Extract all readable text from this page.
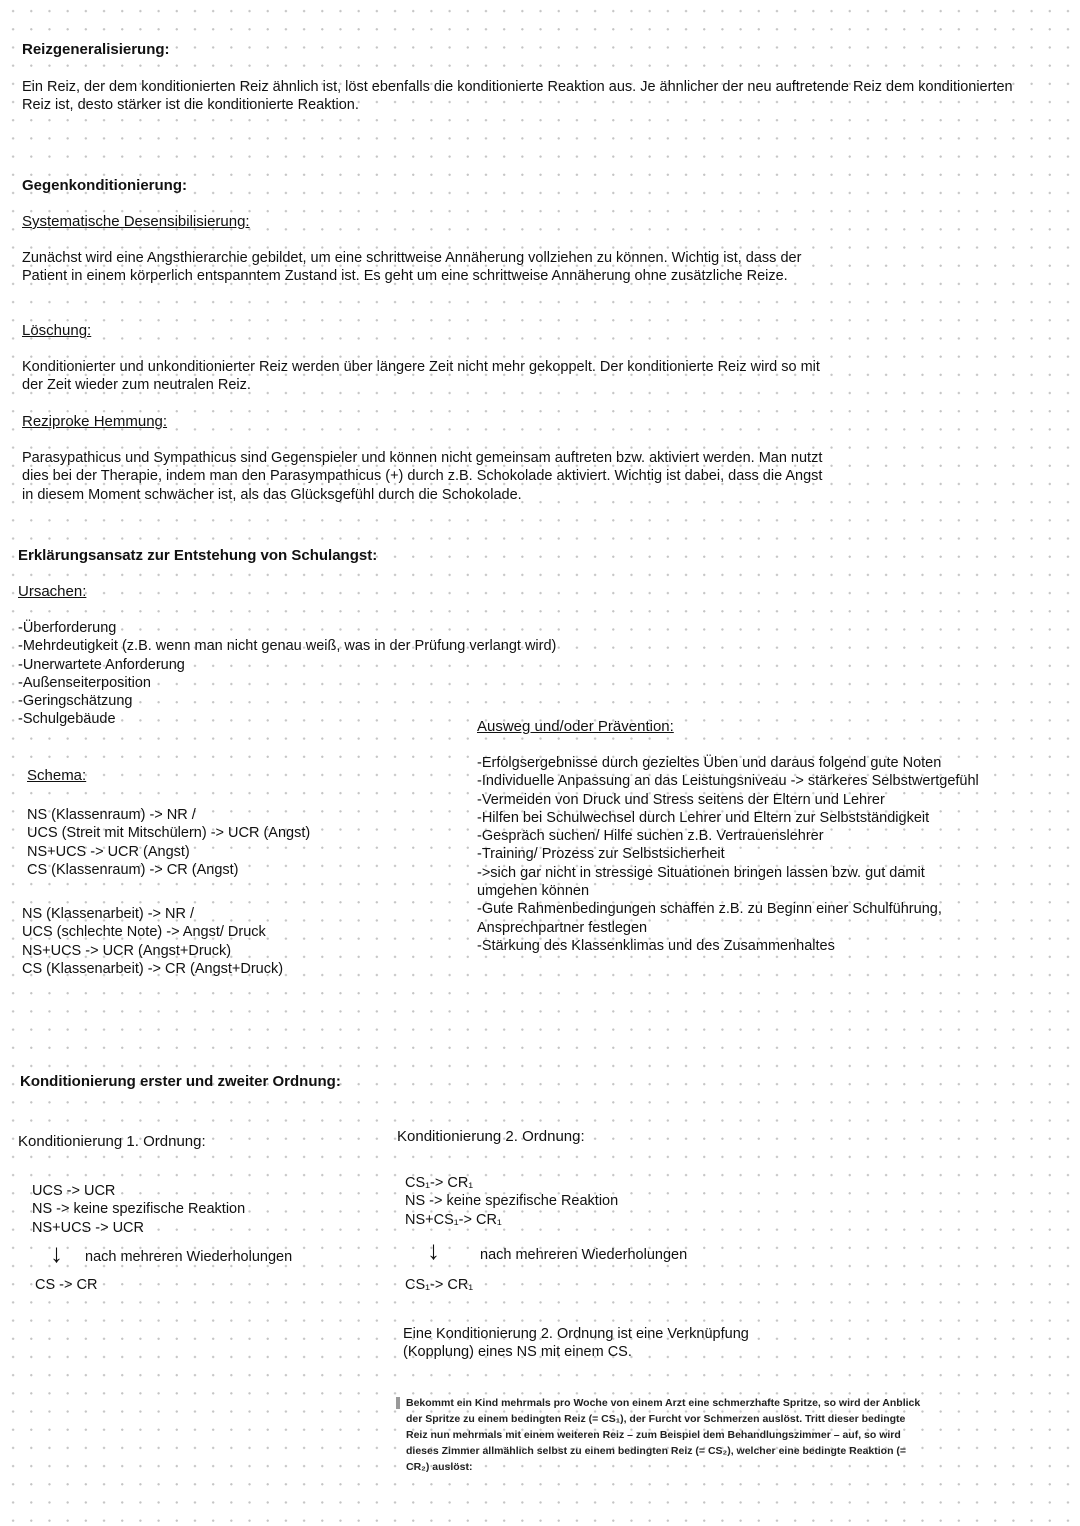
Reizgeneralisierung:
Ein Reiz, der dem konditionierten Reiz ähnlich ist, löst ebenfalls die konditionierte Reaktion aus. Je ähnlicher der neu auftretende Reiz dem konditionierten Reiz ist, desto stärker ist die konditionierte Reaktion.
Gegenkonditionierung:
Systematische Desensibilisierung:
Zunächst wird eine Angsthierarchie gebildet, um eine schrittweise Annäherung vollziehen zu können. Wichtig ist, dass der Patient in einem körperlich entspanntem Zustand ist. Es geht um eine schrittweise Annäherung ohne zusätzliche Reize.
Löschung:
Konditionierter und unkonditionierter Reiz werden über längere Zeit nicht mehr gekoppelt. Der konditionierte Reiz wird so mit der Zeit wieder zum neutralen Reiz.
Reziproke Hemmung:
Parasypathicus und Sympathicus sind Gegenspieler und können nicht gemeinsam auftreten bzw. aktiviert werden. Man nutzt dies bei der Therapie, indem man den Parasympathicus (+) durch z.B. Schokolade aktiviert. Wichtig ist dabei, dass die Angst in diesem Moment schwächer ist, als das Glücksgefühl durch die Schokolade.
Erklärungsansatz zur Entstehung von Schulangst:
Ursachen:
-Überforderung
-Mehrdeutigkeit (z.B. wenn man nicht genau weiß, was in der Prüfung verlangt wird)
-Unerwartete Anforderung
-Außenseiterposition
-Geringschätzung
-Schulgebäude
Schema:
NS (Klassenraum) -> NR /
UCS (Streit mit Mitschülern) -> UCR (Angst)
NS+UCS -> UCR (Angst)
CS (Klassenraum) -> CR (Angst)
NS (Klassenarbeit) -> NR /
UCS (schlechte Note) -> Angst/ Druck
NS+UCS -> UCR (Angst+Druck)
CS (Klassenarbeit) -> CR (Angst+Druck)
Ausweg und/oder Prävention:
-Erfolgsergebnisse durch gezieltes Üben und daraus folgend gute Noten
-Individuelle Anpassung an das Leistungsniveau -> stärkeres Selbstwertgefühl
-Vermeiden von Druck und Stress seitens der Eltern und Lehrer
-Hilfen bei Schulwechsel durch Lehrer und Eltern zur Selbstständigkeit
-Gespräch suchen/ Hilfe suchen z.B. Vertrauenslehrer
-Training/ Prozess zur Selbstsicherheit
->sich gar nicht in stressige Situationen bringen lassen bzw. gut damit
umgehen können
-Gute Rahmenbedingungen schaffen z.B. zu Beginn einer Schulführung,
Ansprechpartner festlegen
-Stärkung des Klassenklimas und des Zusammenhaltes
Konditionierung erster und zweiter Ordnung:
Konditionierung 1. Ordnung:
UCS -> UCR
NS -> keine spezifische Reaktion
NS+UCS -> UCR
↓ nach mehreren Wiederholungen
CS -> CR
Konditionierung 2. Ordnung:
CS₁-> CR₁
NS -> keine spezifische Reaktion
NS+CS₁-> CR₁
↓	nach mehreren Wiederholungen
CS₁-> CR₁
Eine Konditionierung 2. Ordnung ist eine Verknüpfung (Kopplung) eines NS mit einem CS.
Bekommt ein Kind mehrmals pro Woche von einem Arzt eine schmerzhafte Spritze, so wird der Anblick der Spritze zu einem bedingten Reiz (= CS₁), der Furcht vor Schmerzen auslöst. Tritt dieser bedingte Reiz nun mehrmals mit einem weiteren Reiz – zum Beispiel dem Behandlungszimmer – auf, so wird dieses Zimmer allmählich selbst zu einem bedingten Reiz (= CS₂), welcher eine bedingte Reaktion (= CR₂) auslöst:
